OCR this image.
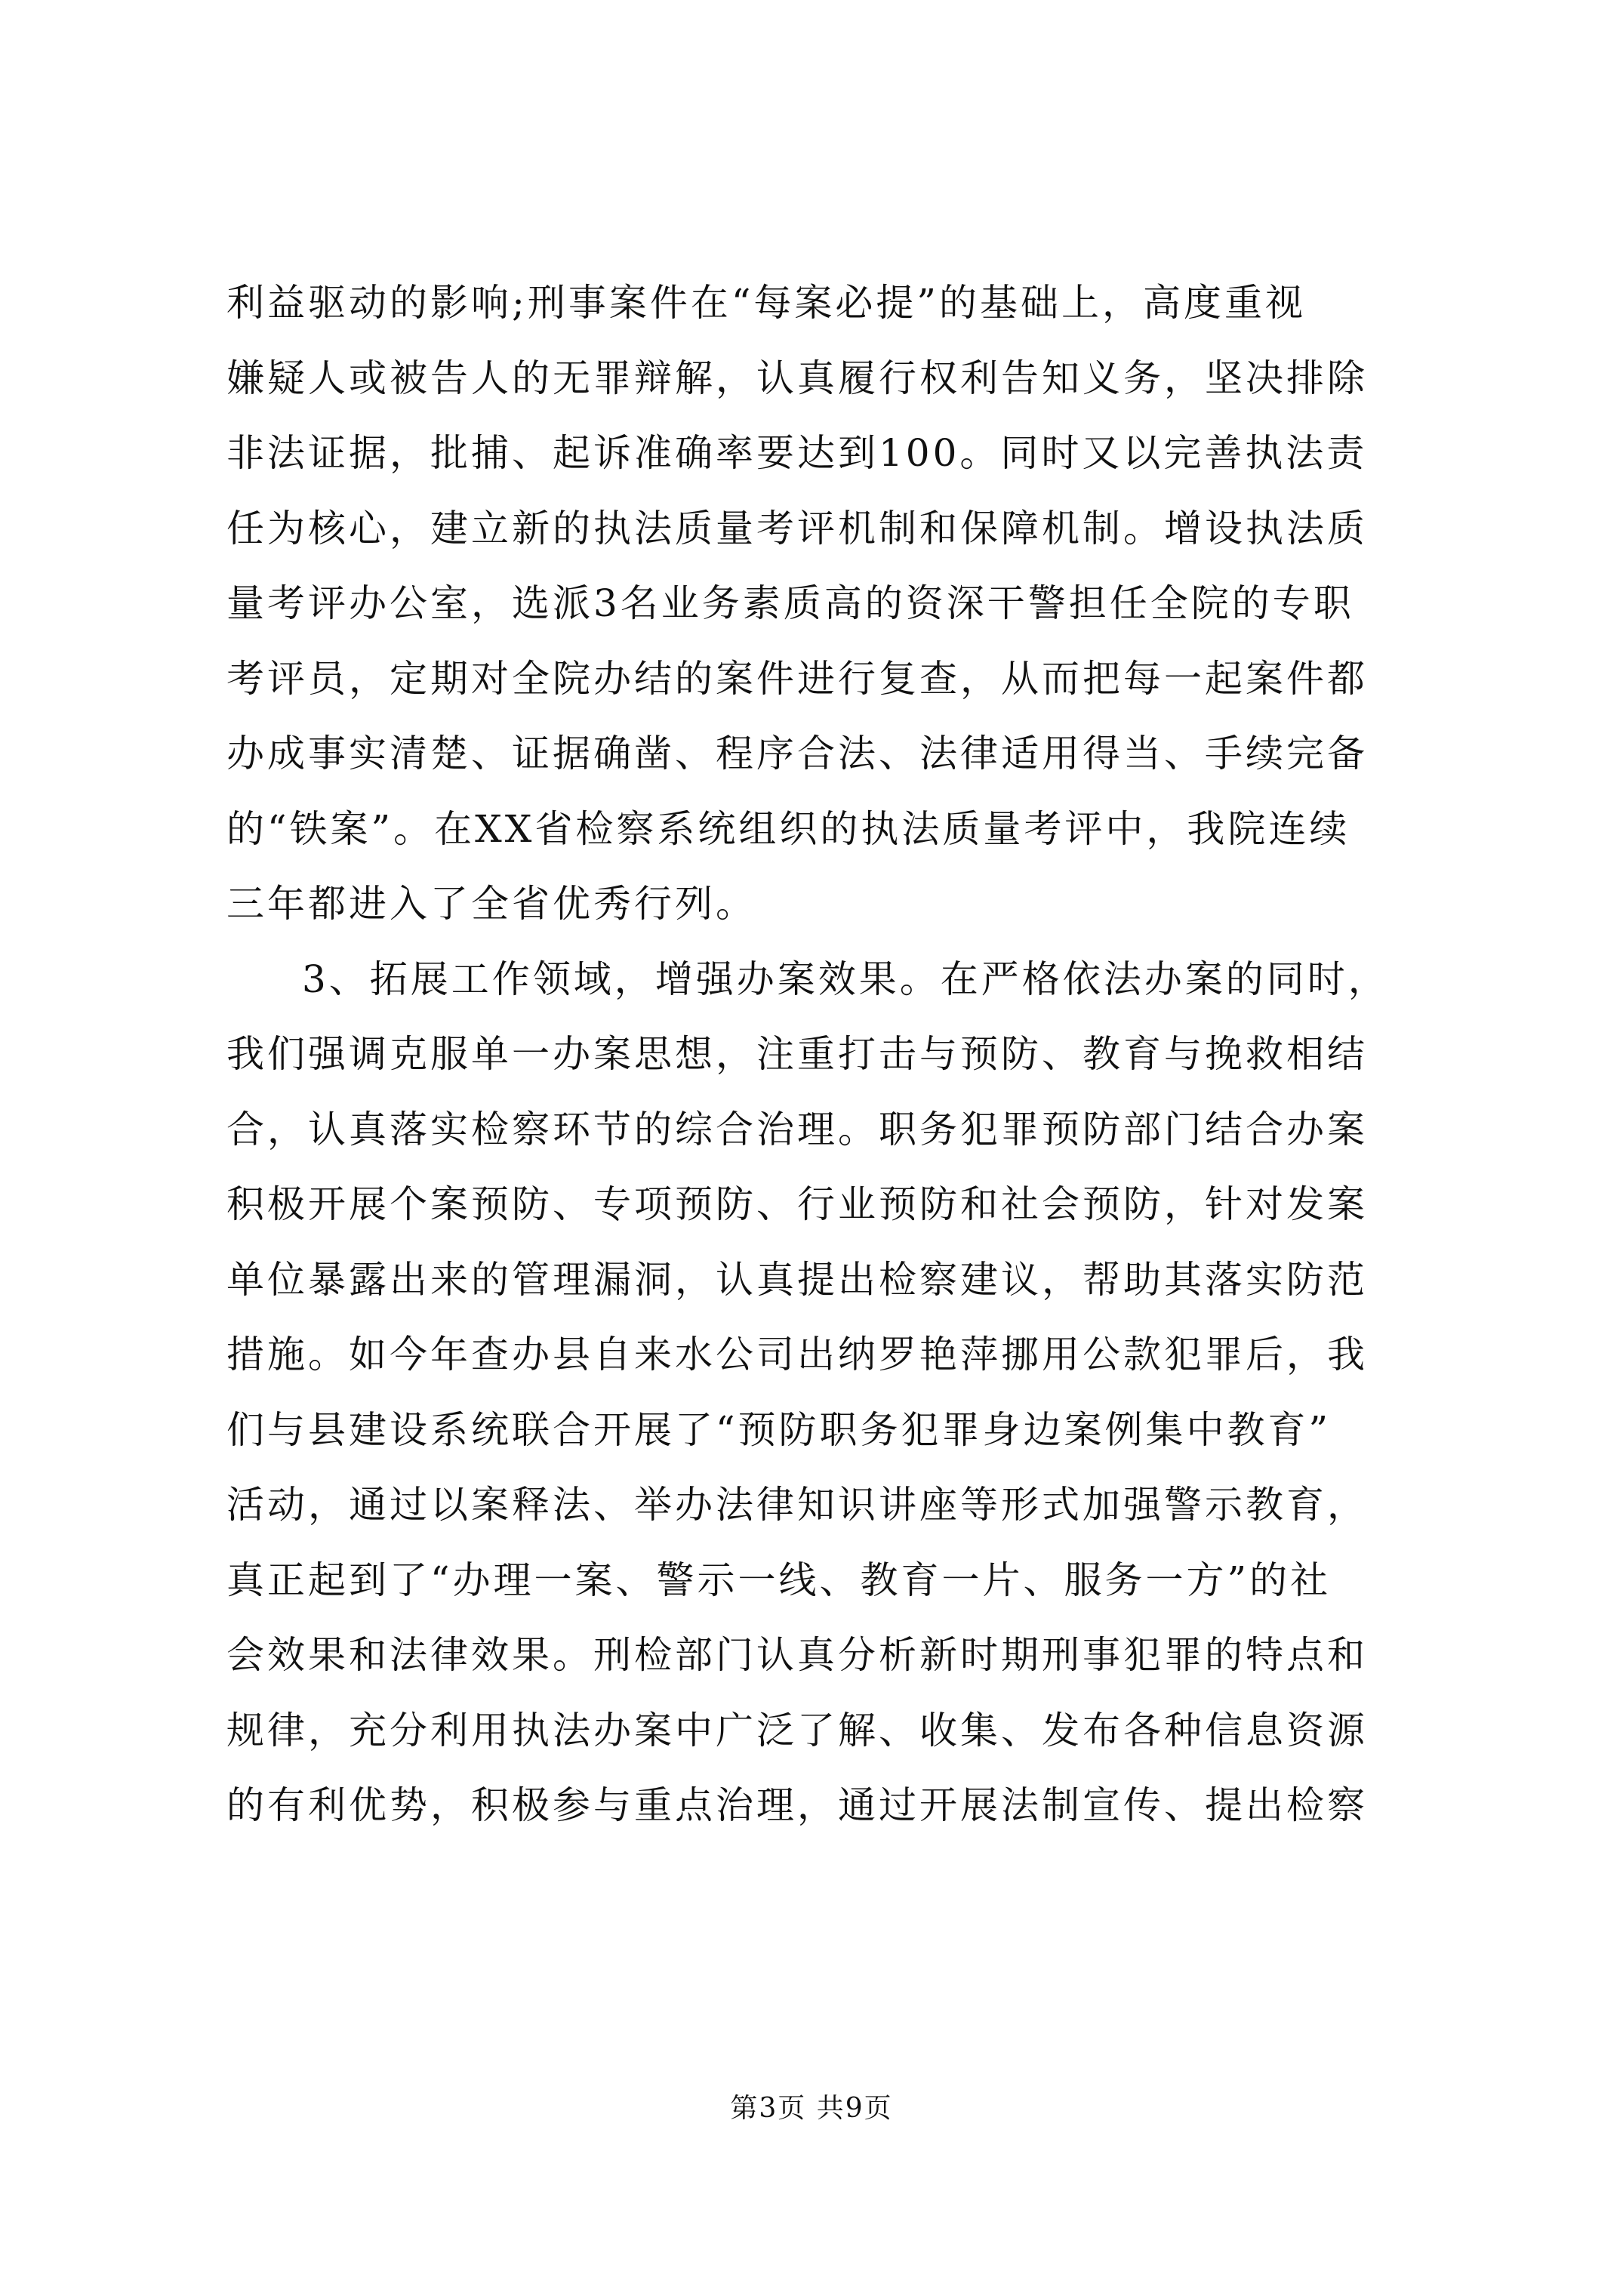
利益驱动的影响;刑事案件在“每案必提”的基础上，高度重视
嫌疑人或被告人的无罪辩解，认真履行权利告知义务，坚决排除
非法证据，批捕、起诉准确率要达到100。同时又以完善执法责
任为核心，建立新的执法质量考评机制和保障机制。增设执法质
量考评办公室，选派3名业务素质高的资深干警担任全院的专职
考评员，定期对全院办结的案件进行复查，从而把每一起案件都
办成事实清楚、证据确凿、程序合法、法律适用得当、手续完备
的“铁案”。在XX省检察系统组织的执法质量考评中，我院连续
三年都进入了全省优秀行列。
3、拓展工作领域，增强办案效果。在严格依法办案的同时，
我们强调克服单一办案思想，注重打击与预防、教育与挽救相结
合，认真落实检察环节的综合治理。职务犯罪预防部门结合办案
积极开展个案预防、专项预防、行业预防和社会预防，针对发案
单位暴露出来的管理漏洞，认真提出检察建议，帮助其落实防范
措施。如今年查办县自来水公司出纳罗艳萍挪用公款犯罪后，我
们与县建设系统联合开展了“预防职务犯罪身边案例集中教育”
活动，通过以案释法、举办法律知识讲座等形式加强警示教育，
真正起到了“办理一案、警示一线、教育一片、服务一方”的社
会效果和法律效果。刑检部门认真分析新时期刑事犯罪的特点和
规律，充分利用执法办案中广泛了解、收集、发布各种信息资源
的有利优势，积极参与重点治理，通过开展法制宣传、提出检察
第3页 共9页
